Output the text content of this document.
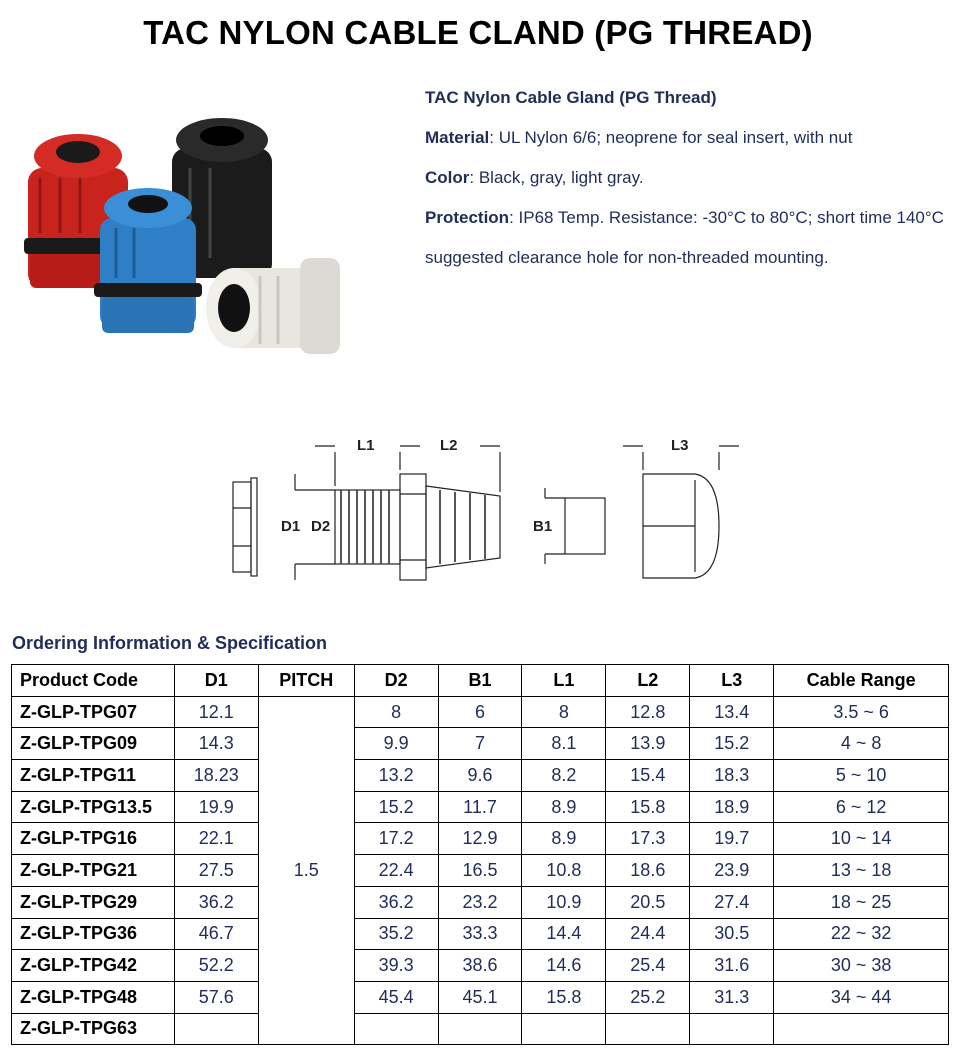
TAC NYLON CABLE CLAND (PG THREAD)
TAC Nylon Cable Gland (PG Thread)
Material: UL Nylon 6/6; neoprene for seal insert, with nut
Color: Black, gray, light gray.
Protection: IP68 Temp. Resistance: -30°C to 80°C; short time 140°C suggested clearance hole for non-threaded mounting.
L1	L2	L3
D1 D2	B1
Ordering Information & Specification
Product Code	D1	PITCH	D2	B1	L1	L2	L3	Cable Range
Z-GLP-TPG07	12.1	1.5	8	6	8	12.8	13.4	3.5 ~ 6
Z-GLP-TPG09	14.3		9.9	7	8.1	13.9	15.2	4 ~ 8
Z-GLP-TPG11	18.23		13.2	9.6	8.2	15.4	18.3	5 ~ 10
Z-GLP-TPG13.5	19.9		15.2	11.7	8.9	15.8	18.9	6 ~ 12
Z-GLP-TPG16	22.1		17.2	12.9	8.9	17.3	19.7	10 ~ 14
Z-GLP-TPG21	27.5		22.4	16.5	10.8	18.6	23.9	13 ~ 18
Z-GLP-TPG29	36.2		36.2	23.2	10.9	20.5	27.4	18 ~ 25
Z-GLP-TPG36	46.7		35.2	33.3	14.4	24.4	30.5	22 ~ 32
Z-GLP-TPG42	52.2		39.3	38.6	14.6	25.4	31.6	30 ~ 38
Z-GLP-TPG48	57.6		45.4	45.1	15.8	25.2	31.3	34 ~ 44
Z-GLP-TPG63								
